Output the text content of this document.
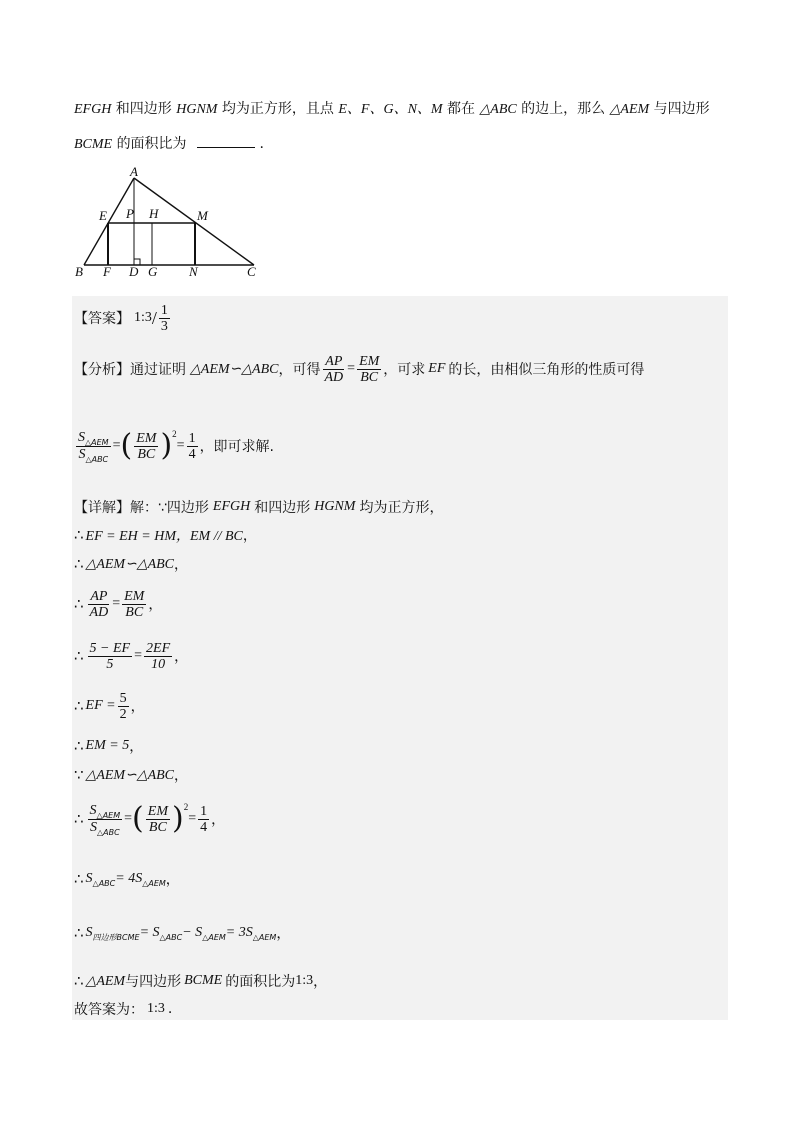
EFGH 和四边形 HGNM 均为正方形，且点 E、F、G、N、M 都在 △ABC 的边上，那么 △AEM 与四边形
BCME 的面积比为	.
A
E P H	M
B F D G N	C
【答案】 1:3 / $\frac{1}{3}$
【分析】 通过证明 △AEM∽△ABC ，可得 $\frac{AP}{AD} = \frac{EM}{BC}$ ，可求 EF 的长，由相似三角形的性质可得
$\frac{S_{\triangle AEM}}{S_{\triangle ABC}}$ = ( $\frac{EM}{BC}$ ) 2
= $\frac{1}{4}$ ，即可求解.
【详解】 解：∵四边形 EFGH 和四边形 HGNM 均为正方形，
∴ EF = EH = HM，EM // BC ，
∴ △AEM∽△ABC ，
∴ $\frac{AP}{AD} = \frac{EM}{BC}$ ，
∴ $\frac{5 - EF}{5} = \frac{2EF}{10}$ ，
∴ EF = $\frac{5}{2}$ ，
∴ EM = 5 ，
∵ △AEM∽△ABC ，
∴ $\frac{S_{\triangle AEM}}{S_{\triangle ABC}}$ = ( $\frac{EM}{BC}$ ) 2
= $\frac{1}{4}$ ，
∴ S △ABC = 4S △AEM ，
∴ S 四边形BCME = S △ABC − S △AEM = 3S △AEM ，
∴ △AEM 与四边形 BCME 的面积比为 1:3 ，
故答案为： 1:3 .
